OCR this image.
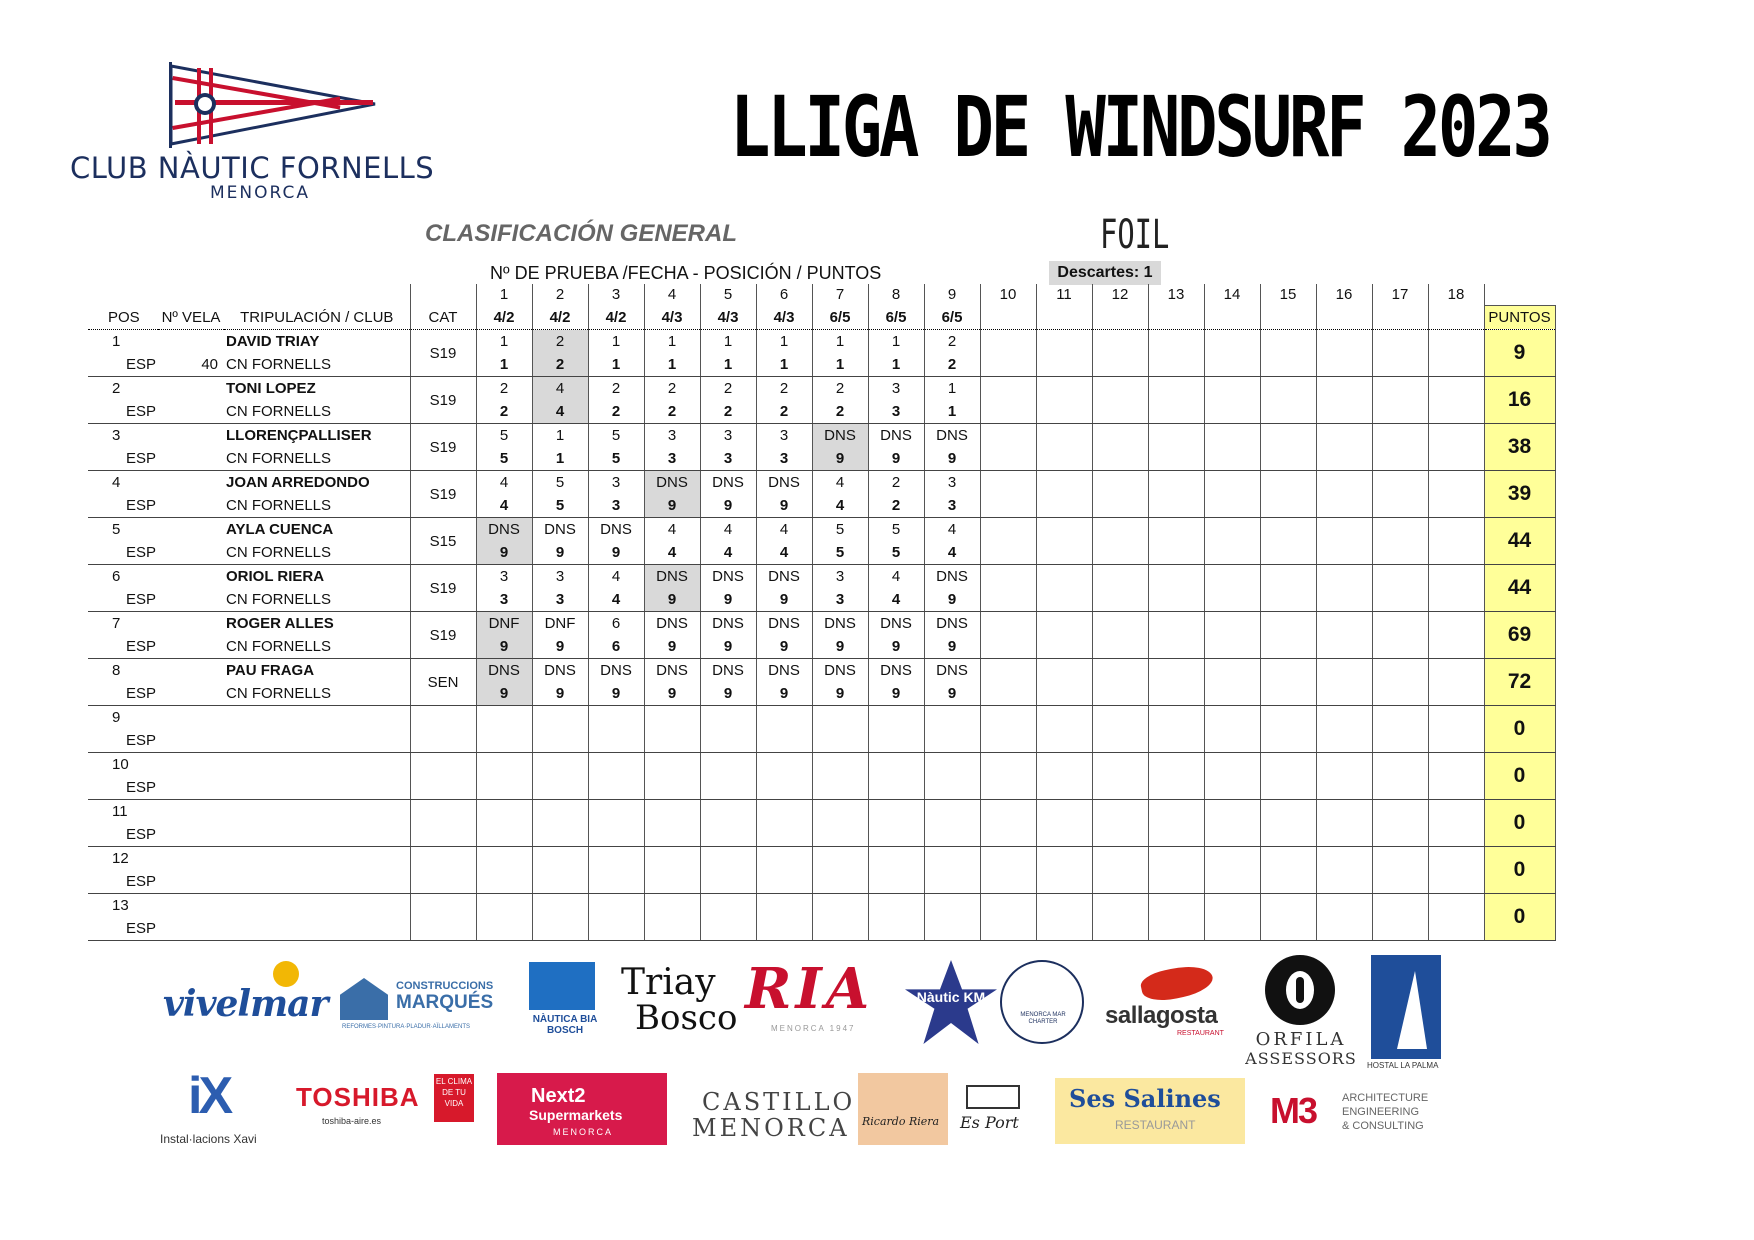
CLUB NÀUTIC FORNELLS
MENORCA
LLIGA DE WINDSURF 2023
CLASIFICACIÓN GENERAL	FOIL
Nº DE PRUEBA /FECHA - POSICIÓN / PUNTOS	Descartes: 1
				1	2	3	4	5	6	7	8	9	10	11	12	13	14	15	16	17	18	
POS	Nº VELA	TRIPULACIÓN / CLUB	CAT	4/2	4/2	4/2	4/3	4/3	4/3	6/5	6/5	6/5										PUNTOS
1		DAVID TRIAY	S19	1	2	1	1	1	1	1	1	2										9
ESP	40	CN FORNELLS		1	2	1	1	1	1	1	1	2										
2		TONI LOPEZ	S19	2	4	2	2	2	2	2	3	1										16
ESP		CN FORNELLS		2	4	2	2	2	2	2	3	1										
3		LLORENÇPALLISER	S19	5	1	5	3	3	3	DNS	DNS	DNS										38
ESP		CN FORNELLS		5	1	5	3	3	3	9	9	9										
4		JOAN ARREDONDO	S19	4	5	3	DNS	DNS	DNS	4	2	3										39
ESP		CN FORNELLS		4	5	3	9	9	9	4	2	3										
5		AYLA CUENCA	S15	DNS	DNS	DNS	4	4	4	5	5	4										44
ESP		CN FORNELLS		9	9	9	4	4	4	5	5	4										
6		ORIOL RIERA	S19	3	3	4	DNS	DNS	DNS	3	4	DNS										44
ESP		CN FORNELLS		3	3	4	9	9	9	3	4	9										
7		ROGER ALLES	S19	DNF	DNF	6	DNS	DNS	DNS	DNS	DNS	DNS										69
ESP		CN FORNELLS		9	9	6	9	9	9	9	9	9										
8		PAU FRAGA	SEN	DNS	DNS	DNS	DNS	DNS	DNS	DNS	DNS	DNS										72
ESP		CN FORNELLS		9	9	9	9	9	9	9	9	9										
9																						0
ESP																						
10																						0
ESP																						
11																						0
ESP																						
12																						0
ESP																						
13																						0
ESP																						
vivelmar	CONSTRUCCIONS
MARQUÉS
REFORMES·PINTURA·PLADUR·AÏLLAMENTS
NÀUTICA BIA BOSCH
Triay
Bosco RIA
MENORCA 1947
Nàutic KM
MENORCA MAR CHARTER	sallagosta
RESTAURANT	ORFILA
ASSESSORS HOSTAL LA PALMA
iX
Instal·lacions Xavi
TOSHIBA
toshiba-aire.es
EL CLIMA DE TU VIDA	Next2
Supermarkets
MENORCA
CASTILLO
MENORCA Ricardo Riera Es Port
Ses Salines
RESTAURANT M3 ARCHITECTURE
ENGINEERING
& CONSULTING
